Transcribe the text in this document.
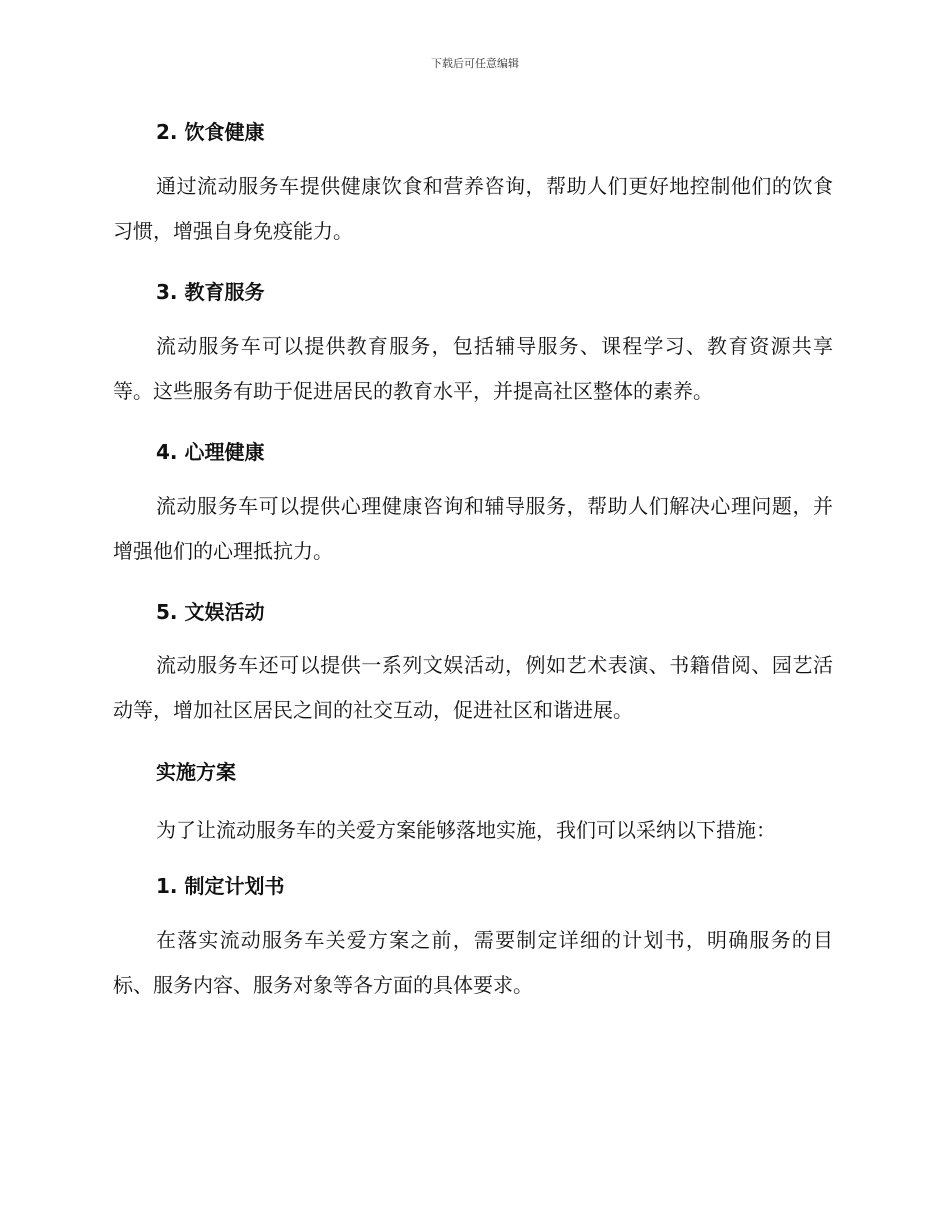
下载后可任意编辑
2. 饮食健康
通过流动服务车提供健康饮食和营养咨询，帮助人们更好地控制他们的饮食习惯，增强自身免疫能力。
3. 教育服务
流动服务车可以提供教育服务，包括辅导服务、课程学习、教育资源共享等。这些服务有助于促进居民的教育水平，并提高社区整体的素养。
4. 心理健康
流动服务车可以提供心理健康咨询和辅导服务，帮助人们解决心理问题，并增强他们的心理抵抗力。
5. 文娱活动
流动服务车还可以提供一系列文娱活动，例如艺术表演、书籍借阅、园艺活动等，增加社区居民之间的社交互动，促进社区和谐进展。
实施方案
为了让流动服务车的关爱方案能够落地实施，我们可以采纳以下措施：
1. 制定计划书
在落实流动服务车关爱方案之前，需要制定详细的计划书，明确服务的目标、服务内容、服务对象等各方面的具体要求。
